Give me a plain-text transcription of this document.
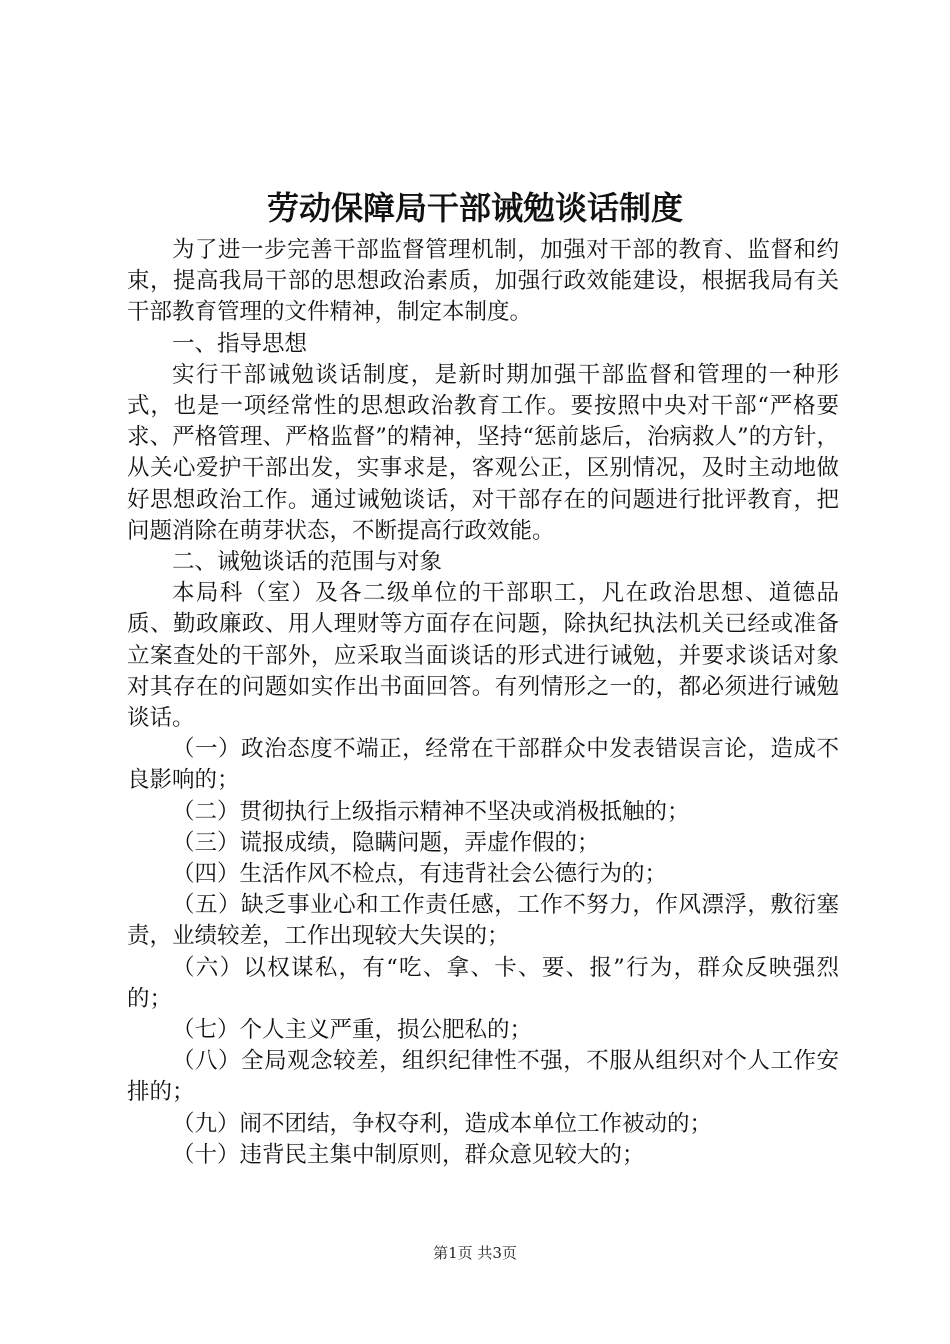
劳动保障局干部诫勉谈话制度

为了进一步完善干部监督管理机制，加强对干部的教育、监督和约束，提高我局干部的思想政治素质，加强行政效能建设，根据我局有关干部教育管理的文件精神，制定本制度。

一、指导思想

实行干部诫勉谈话制度，是新时期加强干部监督和管理的一种形式，也是一项经常性的思想政治教育工作。要按照中央对干部“严格要求、严格管理、严格监督”的精神，坚持“惩前毖后，治病救人”的方针，从关心爱护干部出发，实事求是，客观公正，区别情况，及时主动地做好思想政治工作。通过诫勉谈话，对干部存在的问题进行批评教育，把问题消除在萌芽状态，不断提高行政效能。

二、诫勉谈话的范围与对象

本局科（室）及各二级单位的干部职工，凡在政治思想、道德品质、勤政廉政、用人理财等方面存在问题，除执纪执法机关已经或准备立案查处的干部外，应采取当面谈话的形式进行诫勉，并要求谈话对象对其存在的问题如实作出书面回答。有列情形之一的，都必须进行诫勉谈话。

（一）政治态度不端正，经常在干部群众中发表错误言论，造成不良影响的；

（二）贯彻执行上级指示精神不坚决或消极抵触的；

（三）谎报成绩，隐瞒问题，弄虚作假的；

（四）生活作风不检点，有违背社会公德行为的；

（五）缺乏事业心和工作责任感，工作不努力，作风漂浮，敷衍塞责，业绩较差，工作出现较大失误的；

（六）以权谋私，有“吃、拿、卡、要、报”行为，群众反映强烈的；

（七）个人主义严重，损公肥私的；

（八）全局观念较差，组织纪律性不强，不服从组织对个人工作安排的；

（九）闹不团结，争权夺利，造成本单位工作被动的；

（十）违背民主集中制原则，群众意见较大的；

第1页 共3页
